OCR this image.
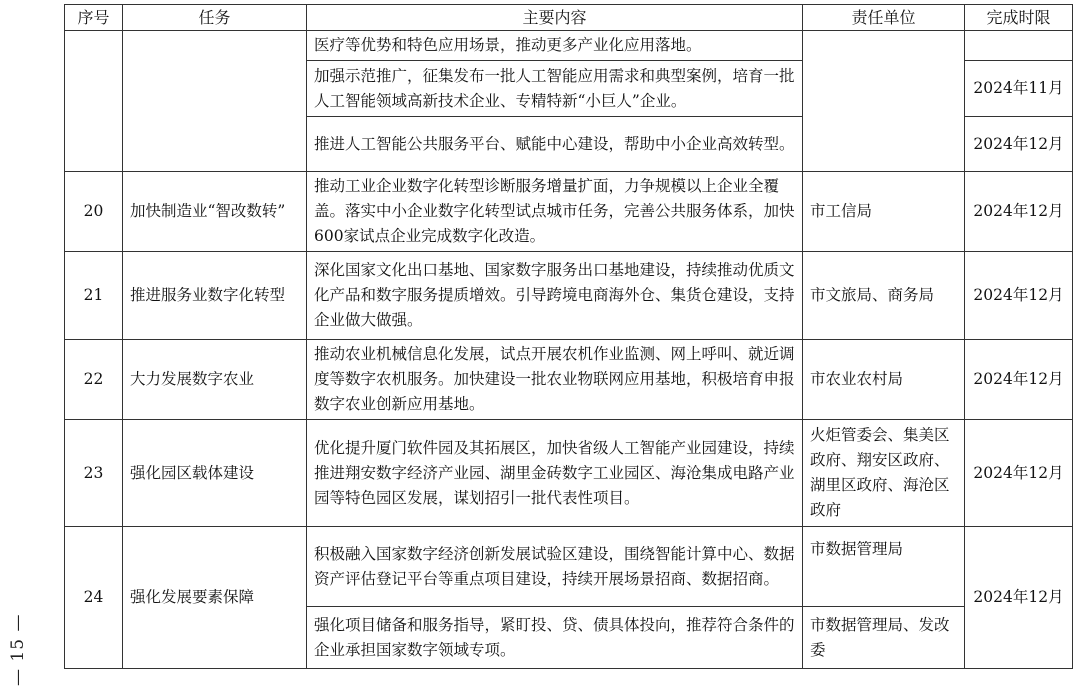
序号	任务	主要内容	责任单位	完成时限
		医疗等优势和特色应用场景，推动更多产业化应用落地。		
		加强示范推广，征集发布一批人工智能应用需求和典型案例，培育一批人工智能领域高新技术企业、专精特新“小巨人”企业。		2024年11月
		推进人工智能公共服务平台、赋能中心建设，帮助中小企业高效转型。		2024年12月
20	加快制造业“智改数转”	推动工业企业数字化转型诊断服务增量扩面，力争规模以上企业全覆盖。落实中小企业数字化转型试点城市任务，完善公共服务体系，加快600家试点企业完成数字化改造。	市工信局	2024年12月
21	推进服务业数字化转型	深化国家文化出口基地、国家数字服务出口基地建设，持续推动优质文化产品和数字服务提质增效。引导跨境电商海外仓、集货仓建设，支持企业做大做强。	市文旅局、商务局	2024年12月
22	大力发展数字农业	推动农业机械信息化发展，试点开展农机作业监测、网上呼叫、就近调度等数字农机服务。加快建设一批农业物联网应用基地，积极培育申报数字农业创新应用基地。	市农业农村局	2024年12月
23	强化园区载体建设	优化提升厦门软件园及其拓展区，加快省级人工智能产业园建设，持续推进翔安数字经济产业园、湖里金砖数字工业园区、海沧集成电路产业园等特色园区发展，谋划招引一批代表性项目。	火炬管委会、集美区政府、翔安区政府、湖里区政府、海沧区政府	2024年12月
24	强化发展要素保障	积极融入国家数字经济创新发展试验区建设，围绕智能计算中心、数据资产评估登记平台等重点项目建设，持续开展场景招商、数据招商。	市数据管理局	2024年12月
		强化项目储备和服务指导，紧盯投、贷、债具体投向，推荐符合条件的企业承担国家数字领域专项。	市数据管理局、发改委	
— 15 —
